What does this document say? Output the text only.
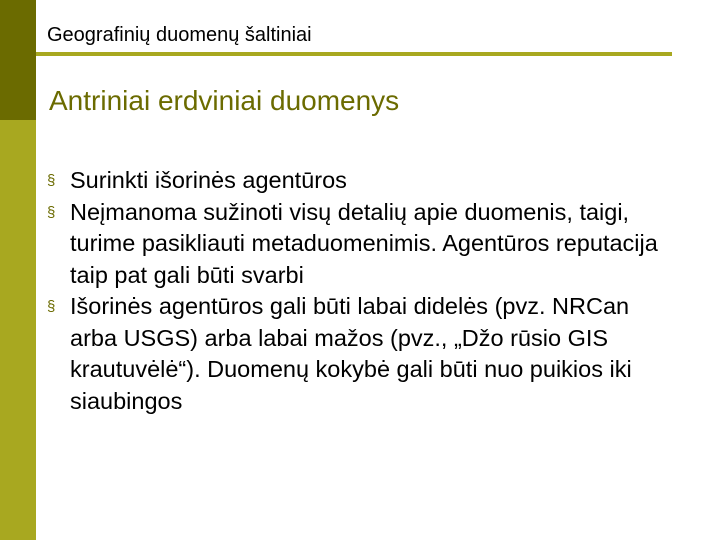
Geografinių duomenų šaltiniai
Antriniai erdviniai duomenys
§ Surinkti išorinės agentūros
§ Neįmanoma sužinoti visų detalių apie duomenis, taigi, turime pasikliauti metaduomenimis. Agentūros reputacija taip pat gali būti svarbi
§ Išorinės agentūros gali būti labai didelės (pvz. NRCan arba USGS) arba labai mažos (pvz., „Džo rūsio GIS krautuvėlė“). Duomenų kokybė gali būti nuo puikios iki siaubingos
